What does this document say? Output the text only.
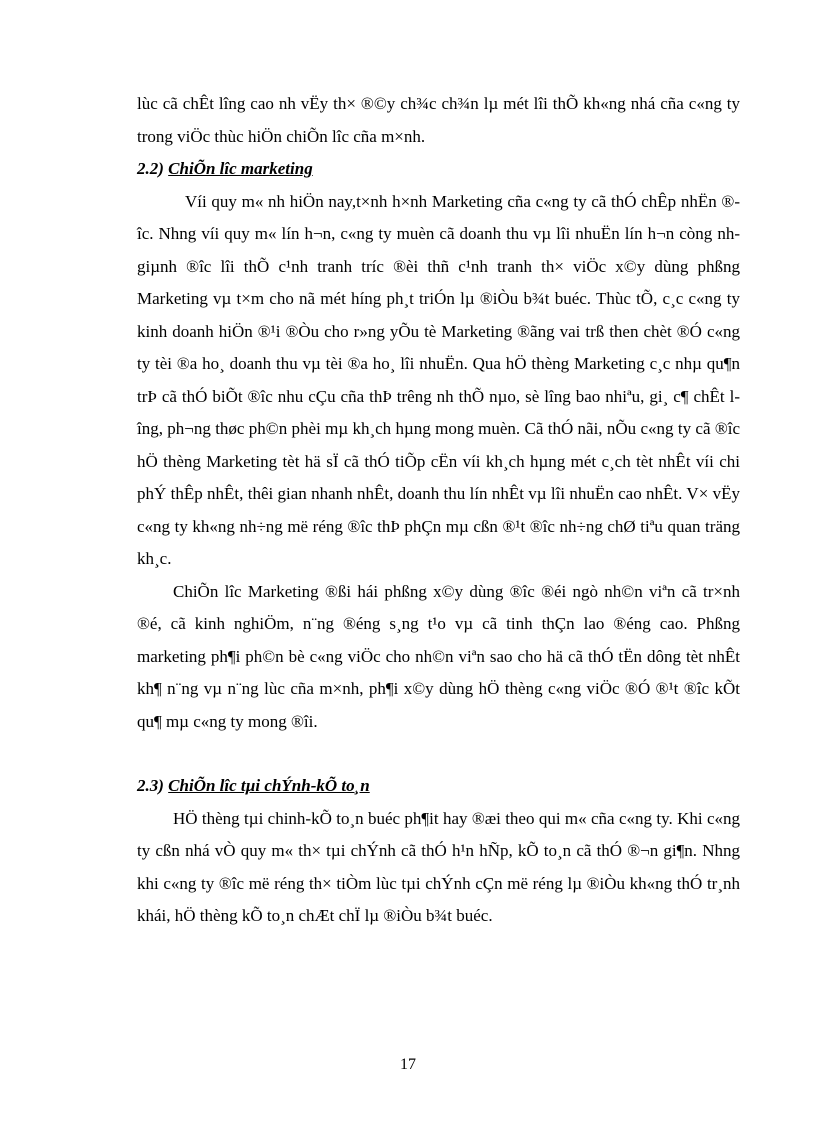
lùc cã chÊt lîng cao nh vËy th× ®©y ch¾c ch¾n lµ mét lîi thÕ kh«ng nhá cña c«ng ty trong viÖc thùc hiÖn chiÕn lîc cña m×nh.

2.2) ChiÕn lîc marketing

Víi quy m« nh hiÖn nay,t×nh h×nh Marketing cña c«ng ty cã thÓ chÊp nhËn ®îc. Nhng víi quy m« lín h¬n, c«ng ty muèn cã doanh thu vµ lîi nhuËn lín h¬n còng nh giµnh ®îc lîi thÕ c¹nh tranh tríc ®èi thñ c¹nh tranh th× viÖc x©y dùng phßng Marketing vµ t×m cho nã mét híng ph¸t triÓn lµ ®iÒu b¾t buéc. Thùc tÕ, c¸c c«ng ty kinh doanh hiÖn ®¹i ®Òu cho r»ng yÕu tè Marketing ®ãng vai trß then chèt ®Ó c«ng ty tèi ®a ho¸ doanh thu vµ tèi ®a ho¸ lîi nhuËn. Qua hÖ thèng Marketing c¸c nhµ qu¶n trÞ cã thÓ biÕt ®îc nhu cÇu cña thÞ trêng nh thÕ nµo, sè lîng bao nhiªu, gi¸ c¶ chÊt lîng, ph¬ng thøc ph©n phèi mµ kh¸ch hµng mong muèn. Cã thÓ nãi, nÕu c«ng ty cã ®îc hÖ thèng Marketing tèt hä sÏ cã thÓ tiÕp cËn víi kh¸ch hµng mét c¸ch tèt nhÊt víi chi phÝ thÊp nhÊt, thêi gian nhanh nhÊt, doanh thu lín nhÊt vµ lîi nhuËn cao nhÊt. V× vËy c«ng ty kh«ng nh÷ng më réng ®îc thÞ phÇn mµ cßn ®¹t ®îc nh÷ng chØ tiªu quan träng kh¸c.

ChiÕn lîc Marketing ®ßi hái phßng x©y dùng ®îc ®éi ngò nh©n viªn cã tr×nh ®é, cã kinh nghiÖm, n¨ng ®éng s¸ng t¹o vµ cã tinh thÇn lao ®éng cao. Phßng marketing ph¶i ph©n bè c«ng viÖc cho nh©n viªn sao cho hä cã thÓ tËn dông tèt nhÊt kh¶ n¨ng vµ n¨ng lùc cña m×nh, ph¶i x©y dùng hÖ thèng c«ng viÖc ®Ó ®¹t ®îc kÕt qu¶ mµ c«ng ty mong ®îi.

2.3) ChiÕn lîc tµi chÝnh-kÕ to¸n

HÖ thèng tµi chinh-kÕ to¸n buéc ph¶it hay ®æi theo qui m« cña c«ng ty. Khi c«ng ty cßn nhá vÒ quy m« th× tµi chÝnh cã thÓ h¹n hÑp, kÕ to¸n cã thÓ ®¬n gi¶n. Nhng khi c«ng ty ®îc më réng th× tiÒm lùc tµi chÝnh cÇn më réng lµ ®iÒu kh«ng thÓ tr¸nh khái, hÖ thèng kÕ to¸n chÆt chÏ lµ ®iÒu b¾t buéc.

17
